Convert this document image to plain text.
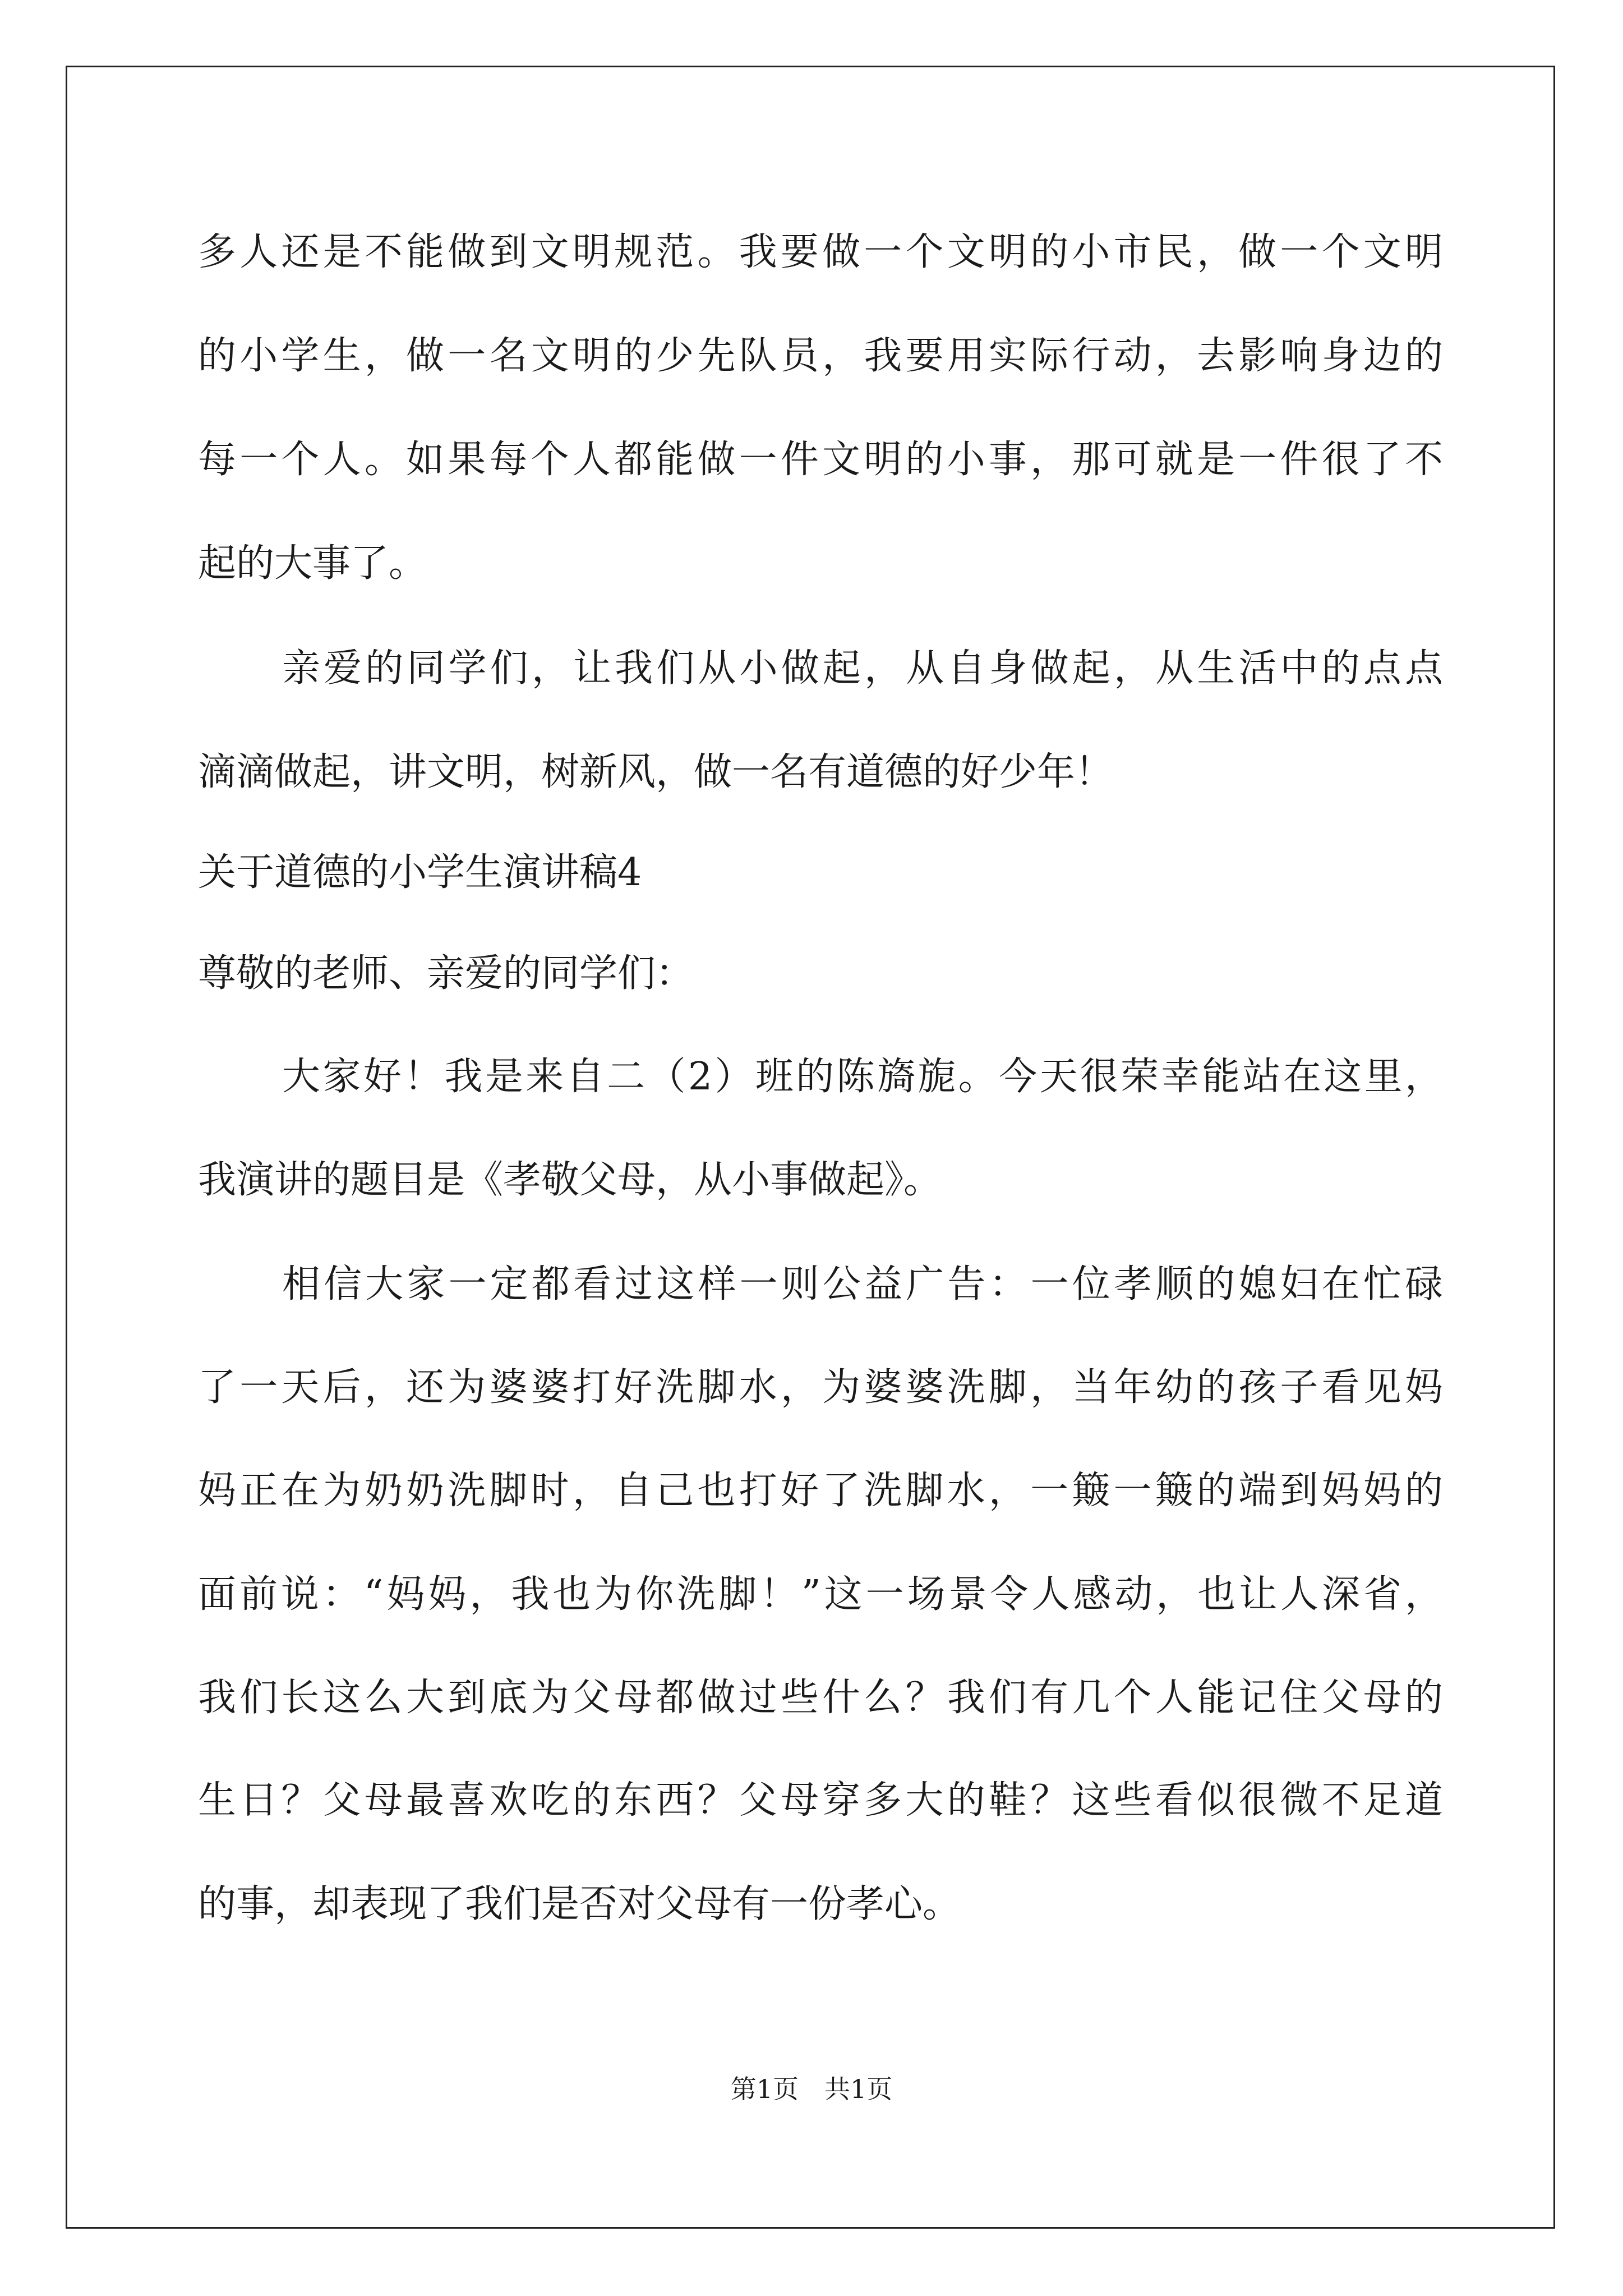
多人还是不能做到文明规范。我要做一个文明的小市民，做一个文明
的小学生，做一名文明的少先队员，我要用实际行动，去影响身边的
每一个人。如果每个人都能做一件文明的小事，那可就是一件很了不
起的大事了。
亲爱的同学们，让我们从小做起，从自身做起，从生活中的点点
滴滴做起，讲文明，树新风，做一名有道德的好少年！
关于道德的小学生演讲稿4
尊敬的老师、亲爱的同学们：
大家好！我是来自二（2）班的陈旖旎。今天很荣幸能站在这里，
我演讲的题目是《孝敬父母，从小事做起》。
相信大家一定都看过这样一则公益广告：一位孝顺的媳妇在忙碌
了一天后，还为婆婆打好洗脚水，为婆婆洗脚，当年幼的孩子看见妈
妈正在为奶奶洗脚时，自己也打好了洗脚水，一簸一簸的端到妈妈的
面前说：“妈妈，我也为你洗脚！”这一场景令人感动，也让人深省，
我们长这么大到底为父母都做过些什么？我们有几个人能记住父母的
生日？父母最喜欢吃的东西？父母穿多大的鞋？这些看似很微不足道
的事，却表现了我们是否对父母有一份孝心。
第1页 共1页
